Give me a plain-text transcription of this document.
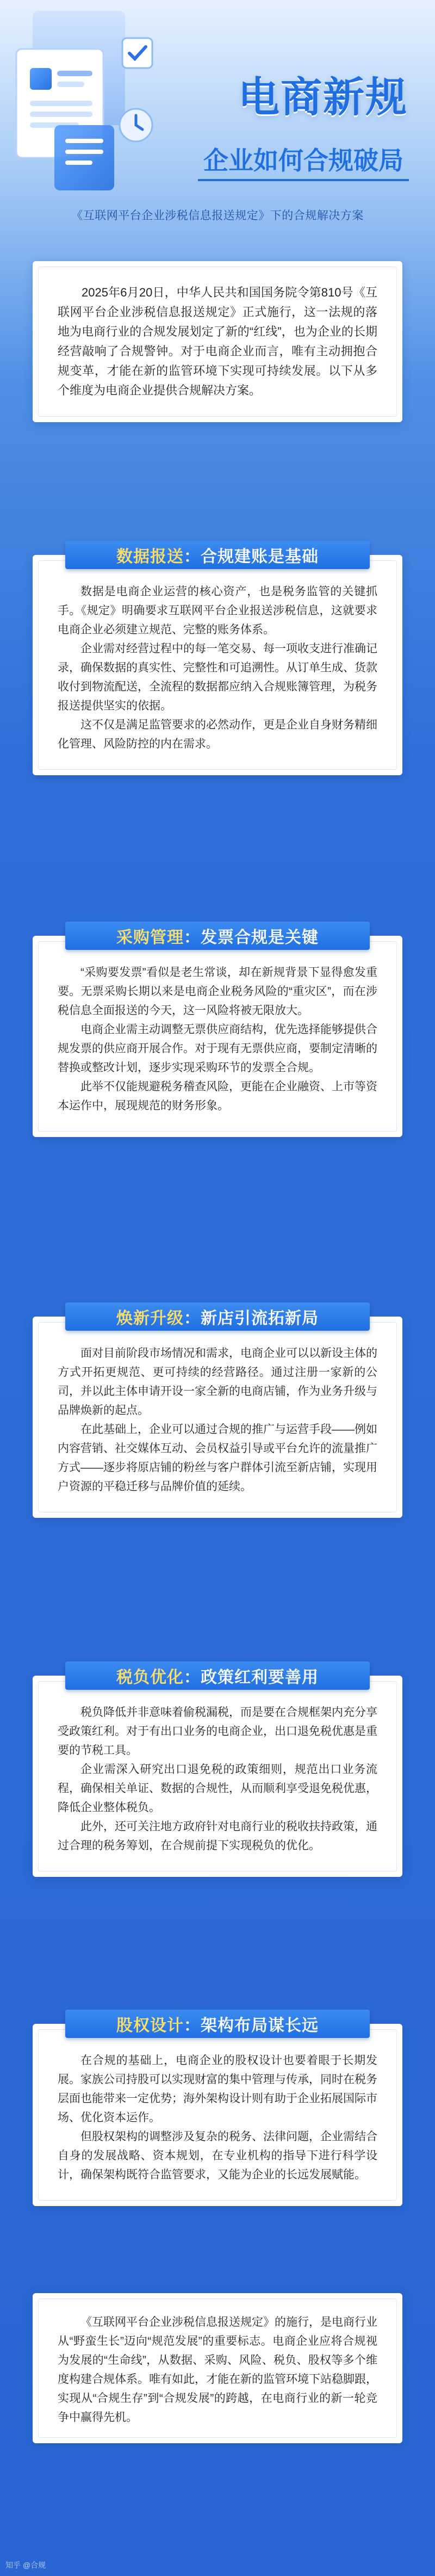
电商新规
企业如何合规破局
《互联网平台企业涉税信息报送规定》下的合规解决方案

2025年6月20日，中华人民共和国国务院令第810号《互联网平台企业涉税信息报送规定》正式施行，这一法规的落地为电商行业的合规发展划定了新的“红线”，也为企业的长期经营敲响了合规警钟。对于电商企业而言，唯有主动拥抱合规变革，才能在新的监管环境下实现可持续发展。以下从多个维度为电商企业提供合规解决方案。

数据报送 ：合规建账是基础

数据是电商企业运营的核心资产，也是税务监管的关键抓手。《规定》明确要求互联网平台企业报送涉税信息，这就要求电商企业必须建立规范、完整的账务体系。

企业需对经营过程中的每一笔交易、每一项收支进行准确记录，确保数据的真实性、完整性和可追溯性。从订单生成、货款收付到物流配送，全流程的数据都应纳入合规账簿管理，为税务报送提供坚实的依据。

这不仅是满足监管要求的必然动作，更是企业自身财务精细化管理、风险防控的内在需求。

采购管理 ：发票合规是关键

“采购要发票”看似是老生常谈，却在新规背景下显得愈发重要。无票采购长期以来是电商企业税务风险的“重灾区”，而在涉税信息全面报送的今天，这一风险将被无限放大。

电商企业需主动调整无票供应商结构，优先选择能够提供合规发票的供应商开展合作。对于现有无票供应商，要制定清晰的替换或整改计划，逐步实现采购环节的发票全合规。

此举不仅能规避税务稽查风险，更能在企业融资、上市等资本运作中，展现规范的财务形象。

焕新升级 ：新店引流拓新局

面对目前阶段市场情况和需求，电商企业可以以新设主体的方式开拓更规范、更可持续的经营路径。通过注册一家新的公司，并以此主体申请开设一家全新的电商店铺，作为业务升级与品牌焕新的起点。

在此基础上，企业可以通过合规的推广与运营手段——例如内容营销、社交媒体互动、会员权益引导或平台允许的流量推广方式——逐步将原店铺的粉丝与客户群体引流至新店铺，实现用户资源的平稳迁移与品牌价值的延续。

税负优化 ：政策红利要善用

税负降低并非意味着偷税漏税，而是要在合规框架内充分享受政策红利。对于有出口业务的电商企业，出口退免税优惠是重要的节税工具。

企业需深入研究出口退免税的政策细则，规范出口业务流程，确保相关单证、数据的合规性，从而顺利享受退免税优惠，降低企业整体税负。

此外，还可关注地方政府针对电商行业的税收扶持政策，通过合理的税务筹划，在合规前提下实现税负的优化。

股权设计 ：架构布局谋长远

在合规的基础上，电商企业的股权设计也要着眼于长期发展。家族公司持股可以实现财富的集中管理与传承，同时在税务层面也能带来一定优势；海外架构设计则有助于企业拓展国际市场、优化资本运作。

但股权架构的调整涉及复杂的税务、法律问题，企业需结合自身的发展战略、资本规划，在专业机构的指导下进行科学设计，确保架构既符合监管要求，又能为企业的长远发展赋能。

《互联网平台企业涉税信息报送规定》的施行，是电商行业从“野蛮生长”迈向“规范发展”的重要标志。电商企业应将合规视为发展的“生命线”，从数据、采购、风险、税负、股权等多个维度构建合规体系。唯有如此，才能在新的监管环境下站稳脚跟，实现从“合规生存”到“合规发展”的跨越，在电商行业的新一轮竞争中赢得先机。

知乎 @合规
